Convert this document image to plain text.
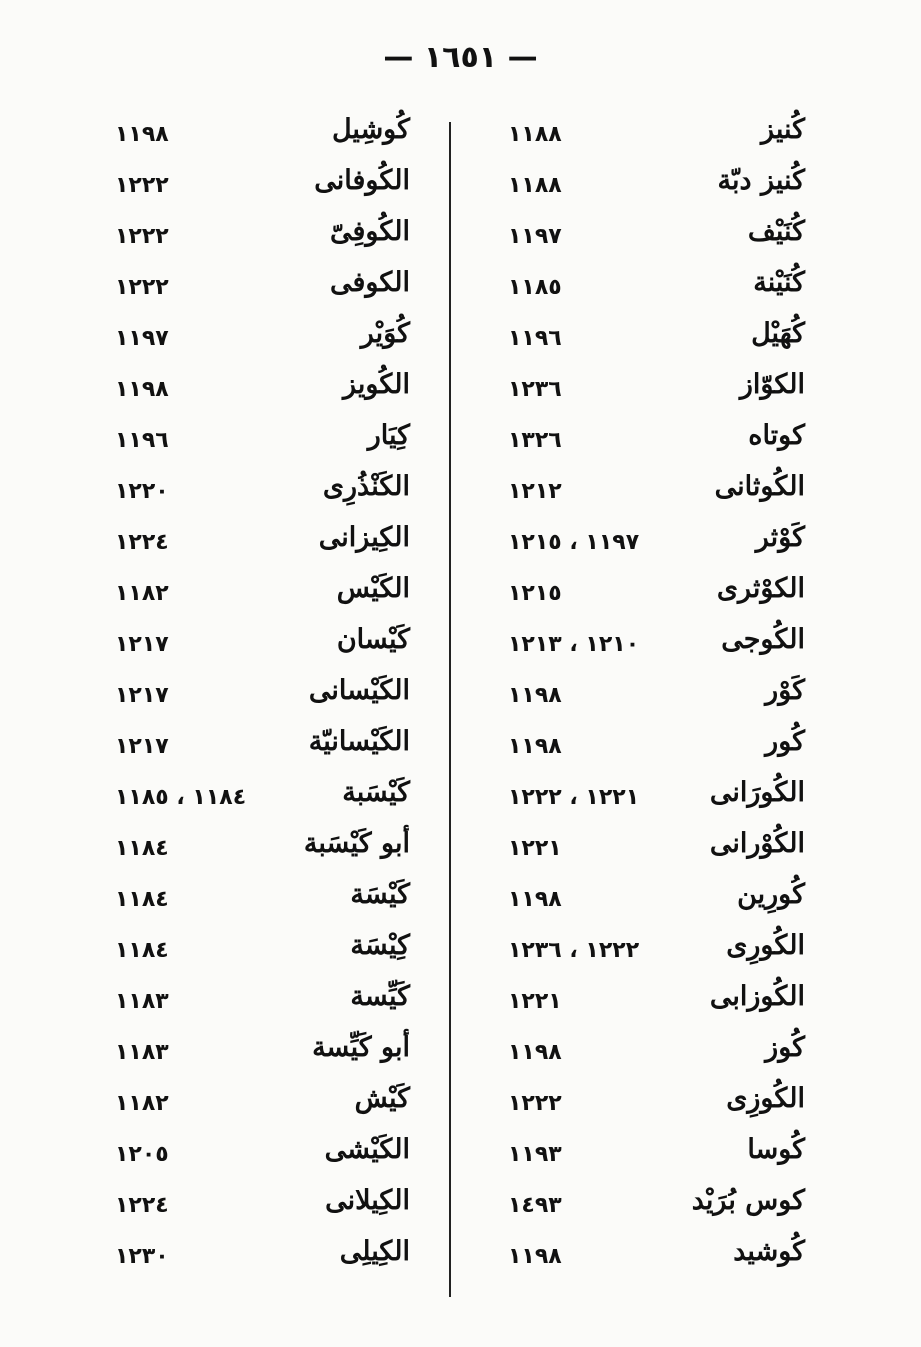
— ١٦٥١ —
كُنيز
١١٨٨
كُنيز دبّة
١١٨٨
كُنَيْف
١١٩٧
كُنَيْنة
١١٨٥
كُهَيْل
١١٩٦
الكوّاز
١٢٣٦
كوتاه
١٣٢٦
الكُوثانى
١٢١٢
كَوْثر
١١٩٧ ، ١٢١٥
الكوْثرى
١٢١٥
الكُوجى
١٢١٠ ، ١٢١٣
كَوْر
١١٩٨
كُور
١١٩٨
الكُورَانى
١٢٢١ ، ١٢٢٢
الكُوْرانى
١٢٢١
كُورِين
١١٩٨
الكُورِى
١٢٢٢ ، ١٢٣٦
الكُوزابى
١٢٢١
كُوز
١١٩٨
الكُوزِى
١٢٢٢
كُوسا
١١٩٣
كوس بُرَيْد
١٤٩٣
كُوشيد
١١٩٨
كُوشِيل
١١٩٨
الكُوفانى
١٢٢٢
الكُوفِىّ
١٢٢٢
الكوفى
١٢٢٢
كُوَيْر
١١٩٧
الكُويز
١١٩٨
كِيَار
١١٩٦
الكَنْذُرِى
١٢٢٠
الكِيزانى
١٢٢٤
الكَيْس
١١٨٢
كَيْسان
١٢١٧
الكَيْسانى
١٢١٧
الكَيْسانيّة
١٢١٧
كَيْسَبة
١١٨٤ ، ١١٨٥
أبو كَيْسَبة
١١٨٤
كَيْسَة
١١٨٤
كِيْسَة
١١٨٤
كَيِّسة
١١٨٣
أبو كَيِّسة
١١٨٣
كَيْش
١١٨٢
الكَيْشى
١٢٠٥
الكِيلانى
١٢٢٤
الكِيلِى
١٢٣٠
